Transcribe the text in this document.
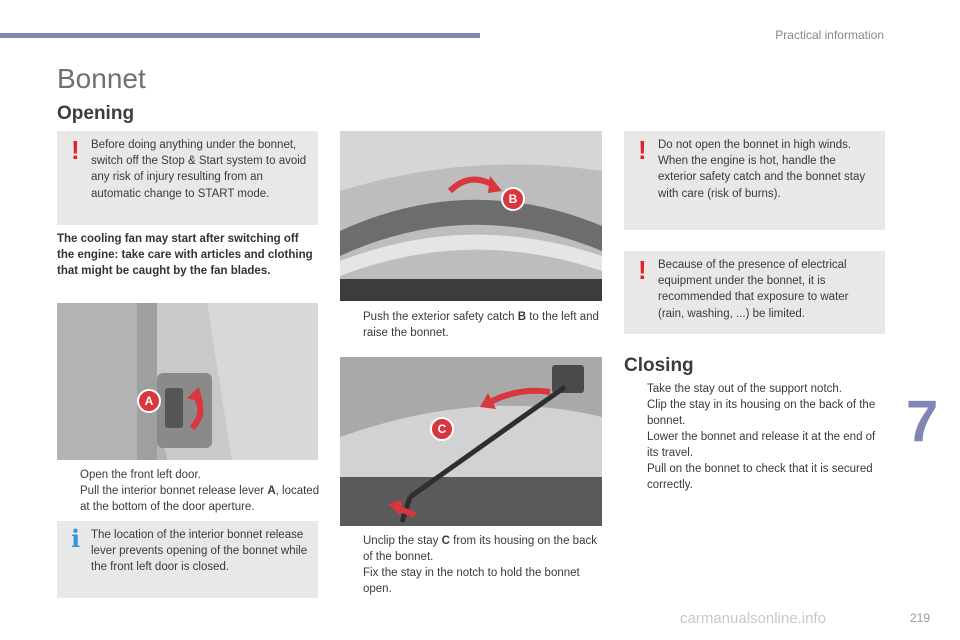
Practical information
Bonnet
Opening
! Before doing anything under the bonnet, switch off the Stop & Start system to avoid any risk of injury resulting from an automatic change to START mode.
The cooling fan may start after switching off the engine: take care with articles and clothing that might be caught by the fan blades.
A
Open the front left door.
Pull the interior bonnet release lever A, located at the bottom of the door aperture.
i The location of the interior bonnet release lever prevents opening of the bonnet while the front left door is closed.
B
Push the exterior safety catch B to the left and raise the bonnet.
C
Unclip the stay C from its housing on the back of the bonnet.
Fix the stay in the notch to hold the bonnet open.
! Do not open the bonnet in high winds. When the engine is hot, handle the exterior safety catch and the bonnet stay with care (risk of burns).
! Because of the presence of electrical equipment under the bonnet, it is recommended that exposure to water (rain, washing, ...) be limited.
Closing
Take the stay out of the support notch.
Clip the stay in its housing on the back of the bonnet.
Lower the bonnet and release it at the end of its travel.
Pull on the bonnet to check that it is secured correctly.
7
carmanualsonline.info	219
